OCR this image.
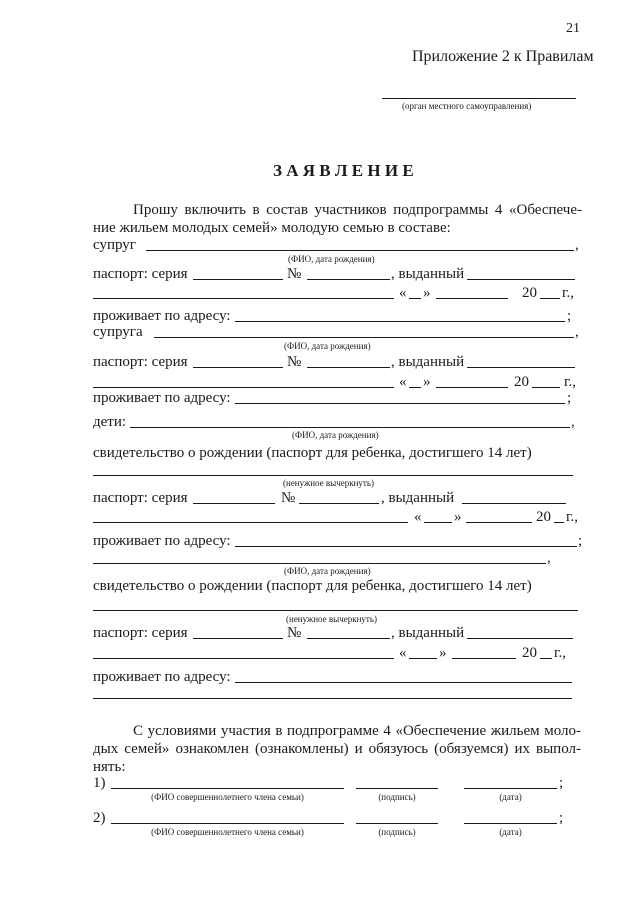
21
Приложение 2 к Правилам
(орган местного самоуправления)
З А Я В Л Е Н И Е
Прошу включить в состав участников подпрограммы 4 «Обеспече-
ние жильем молодых семей» молодую семью в составе:
супруг	,
(ФИО, дата рождения)
паспорт: серия	№	, выданный
« »	20 г.,
проживает по адресу:	;
супруга	,
(ФИО, дата рождения)
паспорт: серия	№	, выданный
« »	20 г.,
проживает по адресу:	;
дети:	,
(ФИО, дата рождения)
свидетельство о рождении (паспорт для ребенка, достигшего 14 лет)
(ненужное вычеркнуть)
паспорт: серия	№	, выданный
« »	20 г.,
проживает по адресу:	;
,
(ФИО, дата рождения)
свидетельство о рождении (паспорт для ребенка, достигшего 14 лет)
(ненужное вычеркнуть)
паспорт: серия	№	, выданный
« »	20 г.,
проживает по адресу:
С условиями участия в подпрограмме 4 «Обеспечение жильем моло-
дых семей» ознакомлен (ознакомлены) и обязуюсь (обязуемся) их выпол-
нять:
1)	;
(ФИО совершеннолетнего члена семьи)	(подпись)	(дата)
2)	;
(ФИО совершеннолетнего члена семьи)	(подпись)	(дата)
